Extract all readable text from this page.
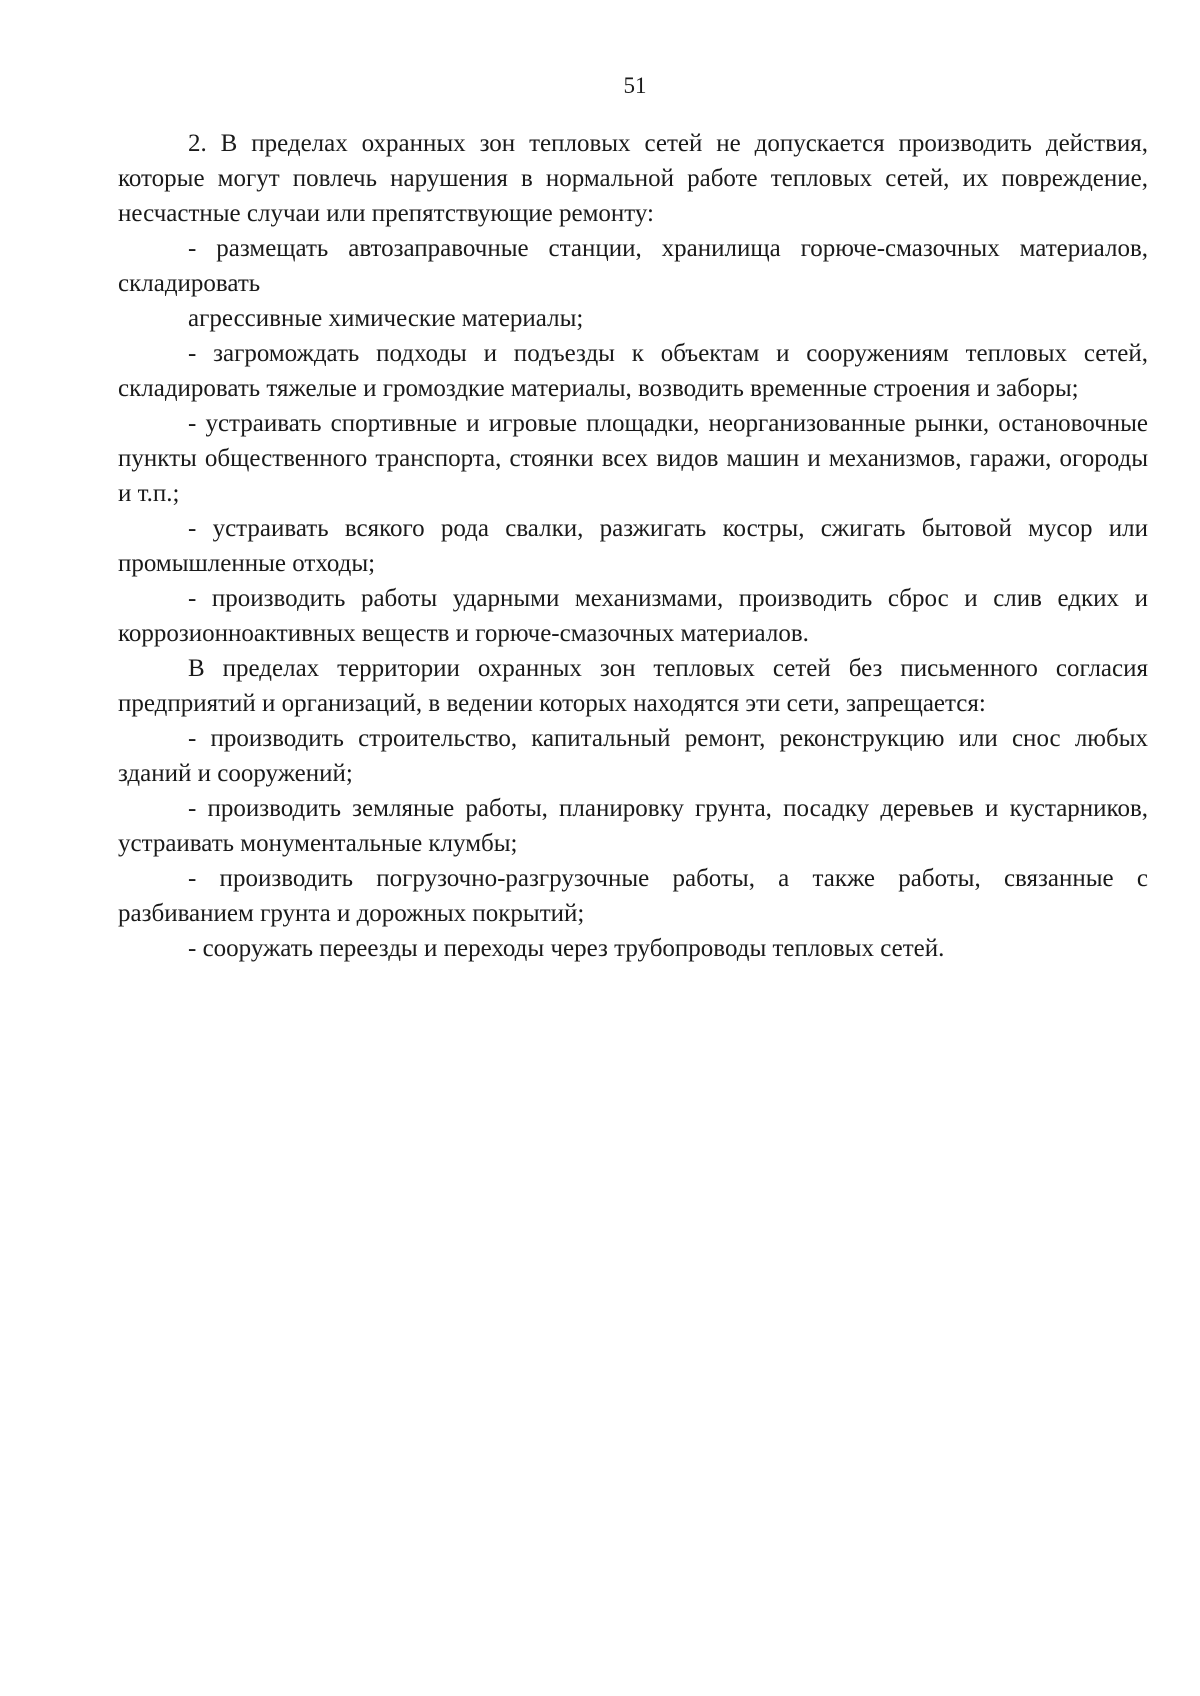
51

2. В пределах охранных зон тепловых сетей не допускается производить действия, которые могут повлечь нарушения в нормальной работе тепловых сетей, их повреждение, несчастные случаи или препятствующие ремонту:

- размещать автозаправочные станции, хранилища горюче-смазочных материалов, складировать

агрессивные химические материалы;

- загромождать подходы и подъезды к объектам и сооружениям тепловых сетей, складировать тяжелые и громоздкие материалы, возводить временные строения и заборы;

- устраивать спортивные и игровые площадки, неорганизованные рынки, остановочные пункты общественного транспорта, стоянки всех видов машин и механизмов, гаражи, огороды и т.п.;

- устраивать всякого рода свалки, разжигать костры, сжигать бытовой мусор или промышленные отходы;

- производить работы ударными механизмами, производить сброс и слив едких и коррозионноактивных веществ и горюче-смазочных материалов.

В пределах территории охранных зон тепловых сетей без письменного согласия предприятий и организаций, в ведении которых находятся эти сети, запрещается:

- производить строительство, капитальный ремонт, реконструкцию или снос любых зданий и сооружений;

- производить земляные работы, планировку грунта, посадку деревьев и кустарников, устраивать монументальные клумбы;

- производить погрузочно-разгрузочные работы, а также работы, связанные с разбиванием грунта и дорожных покрытий;

- сооружать переезды и переходы через трубопроводы тепловых сетей.
